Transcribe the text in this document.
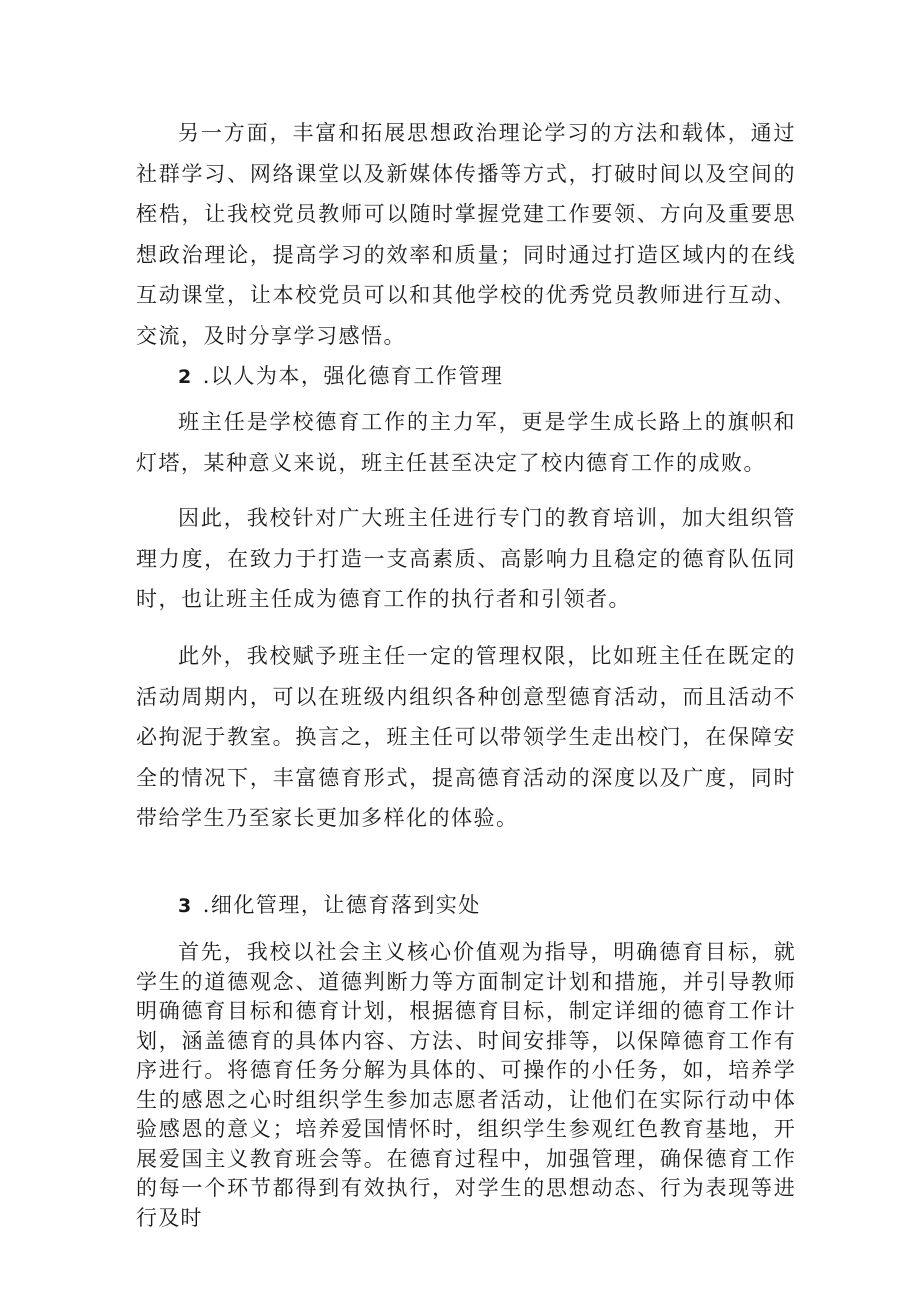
另一方面，丰富和拓展思想政治理论学习的方法和载体，通过社群学习、网络课堂以及新媒体传播等方式，打破时间以及空间的桎梏，让我校党员教师可以随时掌握党建工作要领、方向及重要思想政治理论，提高学习的效率和质量；同时通过打造区域内的在线互动课堂，让本校党员可以和其他学校的优秀党员教师进行互动、交流，及时分享学习感悟。

2 .以人为本，强化德育工作管理

班主任是学校德育工作的主力军，更是学生成长路上的旗帜和灯塔，某种意义来说，班主任甚至决定了校内德育工作的成败。

因此，我校针对广大班主任进行专门的教育培训，加大组织管理力度，在致力于打造一支高素质、高影响力且稳定的德育队伍同时，也让班主任成为德育工作的执行者和引领者。

此外，我校赋予班主任一定的管理权限，比如班主任在既定的活动周期内，可以在班级内组织各种创意型德育活动，而且活动不必拘泥于教室。换言之，班主任可以带领学生走出校门，在保障安全的情况下，丰富德育形式，提高德育活动的深度以及广度，同时带给学生乃至家长更加多样化的体验。

3 .细化管理，让德育落到实处

首先，我校以社会主义核心价值观为指导，明确德育目标，就学生的道德观念、道德判断力等方面制定计划和措施，并引导教师明确德育目标和德育计划，根据德育目标，制定详细的德育工作计划，涵盖德育的具体内容、方法、时间安排等，以保障德育工作有序进行。将德育任务分解为具体的、可操作的小任务，如，培养学生的感恩之心时组织学生参加志愿者活动，让他们在实际行动中体验感恩的意义；培养爱国情怀时，组织学生参观红色教育基地，开展爱国主义教育班会等。在德育过程中，加强管理，确保德育工作的每一个环节都得到有效执行，对学生的思想动态、行为表现等进行及时
